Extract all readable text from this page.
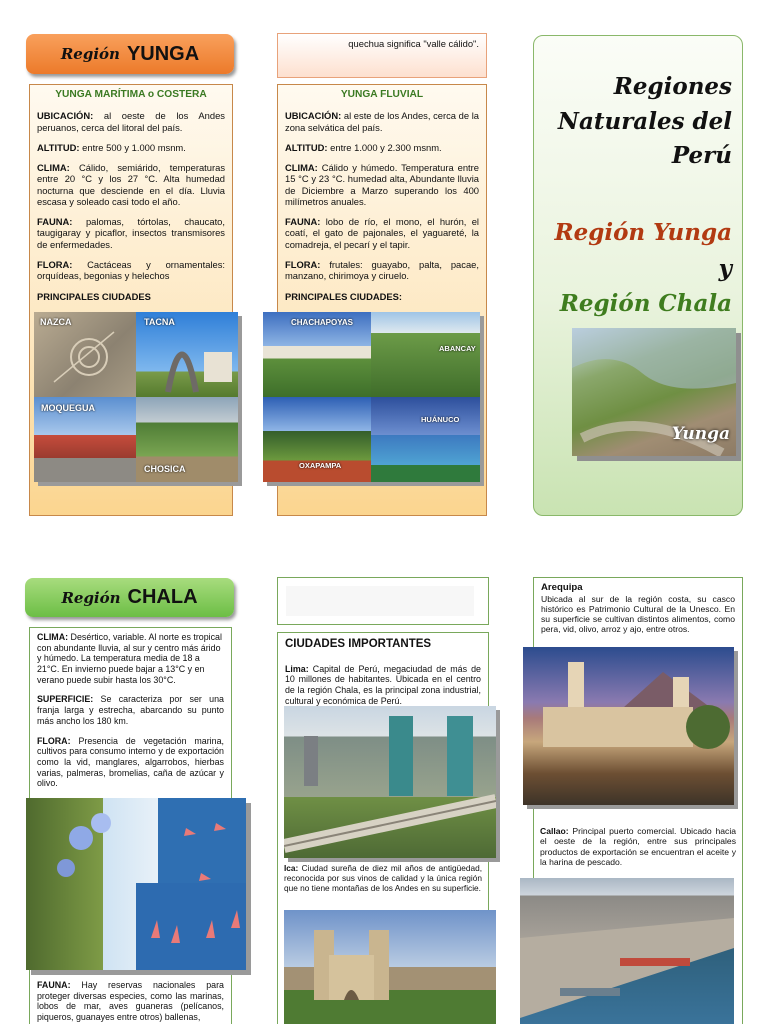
Región YUNGA
YUNGA MARÍTIMA o COSTERA

UBICACIÓN: al oeste de los Andes peruanos, cerca del litoral del país.

ALTITUD: entre 500 y 1.000 msnm.

CLIMA: Cálido, semiárido, temperaturas entre 20 °C y los 27 °C. Alta humedad nocturna que desciende en el día. Lluvia escasa y soleado casi todo el año.

FAUNA: palomas, tórtolas, chaucato, taugigaray y picaflor, insectos transmisores de enfermedades.

FLORA: Cactáceas y ornamentales: orquídeas, begonias y helechos

PRINCIPALES CIUDADES

NAZCA	TACNA
MOQUEGUA
CHOSICA
quechua significa "valle cálido".
YUNGA FLUVIAL

UBICACIÓN: al este de los Andes, cerca de la zona selvática del país.

ALTITUD: entre 1.000 y 2.300 msnm.

CLIMA: Cálido y húmedo. Temperatura entre 15 °C y 23 °C. humedad alta, Abundante lluvia de Diciembre a Marzo superando los 400 milímetros anuales.

FAUNA: lobo de río, el mono, el hurón, el coatí, el gato de pajonales, el yaguareté, la comadreja, el pecarí y el tapir.

FLORA: frutales: guayabo, palta, pacae, manzano, chirimoya y ciruelo.

PRINCIPALES CIUDADES:

CHACHAPOYAS
ABANCAY
OXAPAMPA
HUÁNUCO
Regiones
Naturales del
Perú
Región Yunga y
Región Chala
Yunga
Región CHALA

CLIMA: Desértico, variable. Al norte es tropical con abundante lluvia, al sur y centro más árido y húmedo. La temperatura media de 18 a 21°C. En invierno puede bajar a 13°C y en verano puede subir hasta los 30°C.

SUPERFICIE: Se caracteriza por ser una franja larga y estrecha, abarcando su punto más ancho los 180 km.

FLORA: Presencia de vegetación marina, cultivos para consumo interno y de exportación como la vid, manglares, algarrobos, hierbas varias, palmeras, bromelias, caña de azúcar y olivo.

FAUNA: Hay reservas nacionales para proteger diversas especies, como las marinas, lobos de mar, aves guaneras (pelícanos, piqueros, guanayes entre otros) ballenas,

CIUDADES IMPORTANTES

Lima: Capital de Perú, megaciudad de más de 10 millones de habitantes. Ubicada en el centro de la región Chala, es la principal zona industrial, cultural y económica de Perú.

Ica: Ciudad sureña de diez mil años de antigüedad, reconocida por sus vinos de calidad y la única región que no tiene montañas de los Andes en su superficie.

Arequipa

Ubicada al sur de la región costa, su casco histórico es Patrimonio Cultural de la Unesco. En su superficie se cultivan distintos alimentos, como pera, vid, olivo, arroz y ajo, entre otros.

Callao: Principal puerto comercial. Ubicado hacia el oeste de la región, entre sus principales productos de exportación se encuentran el aceite y la harina de pescado.
